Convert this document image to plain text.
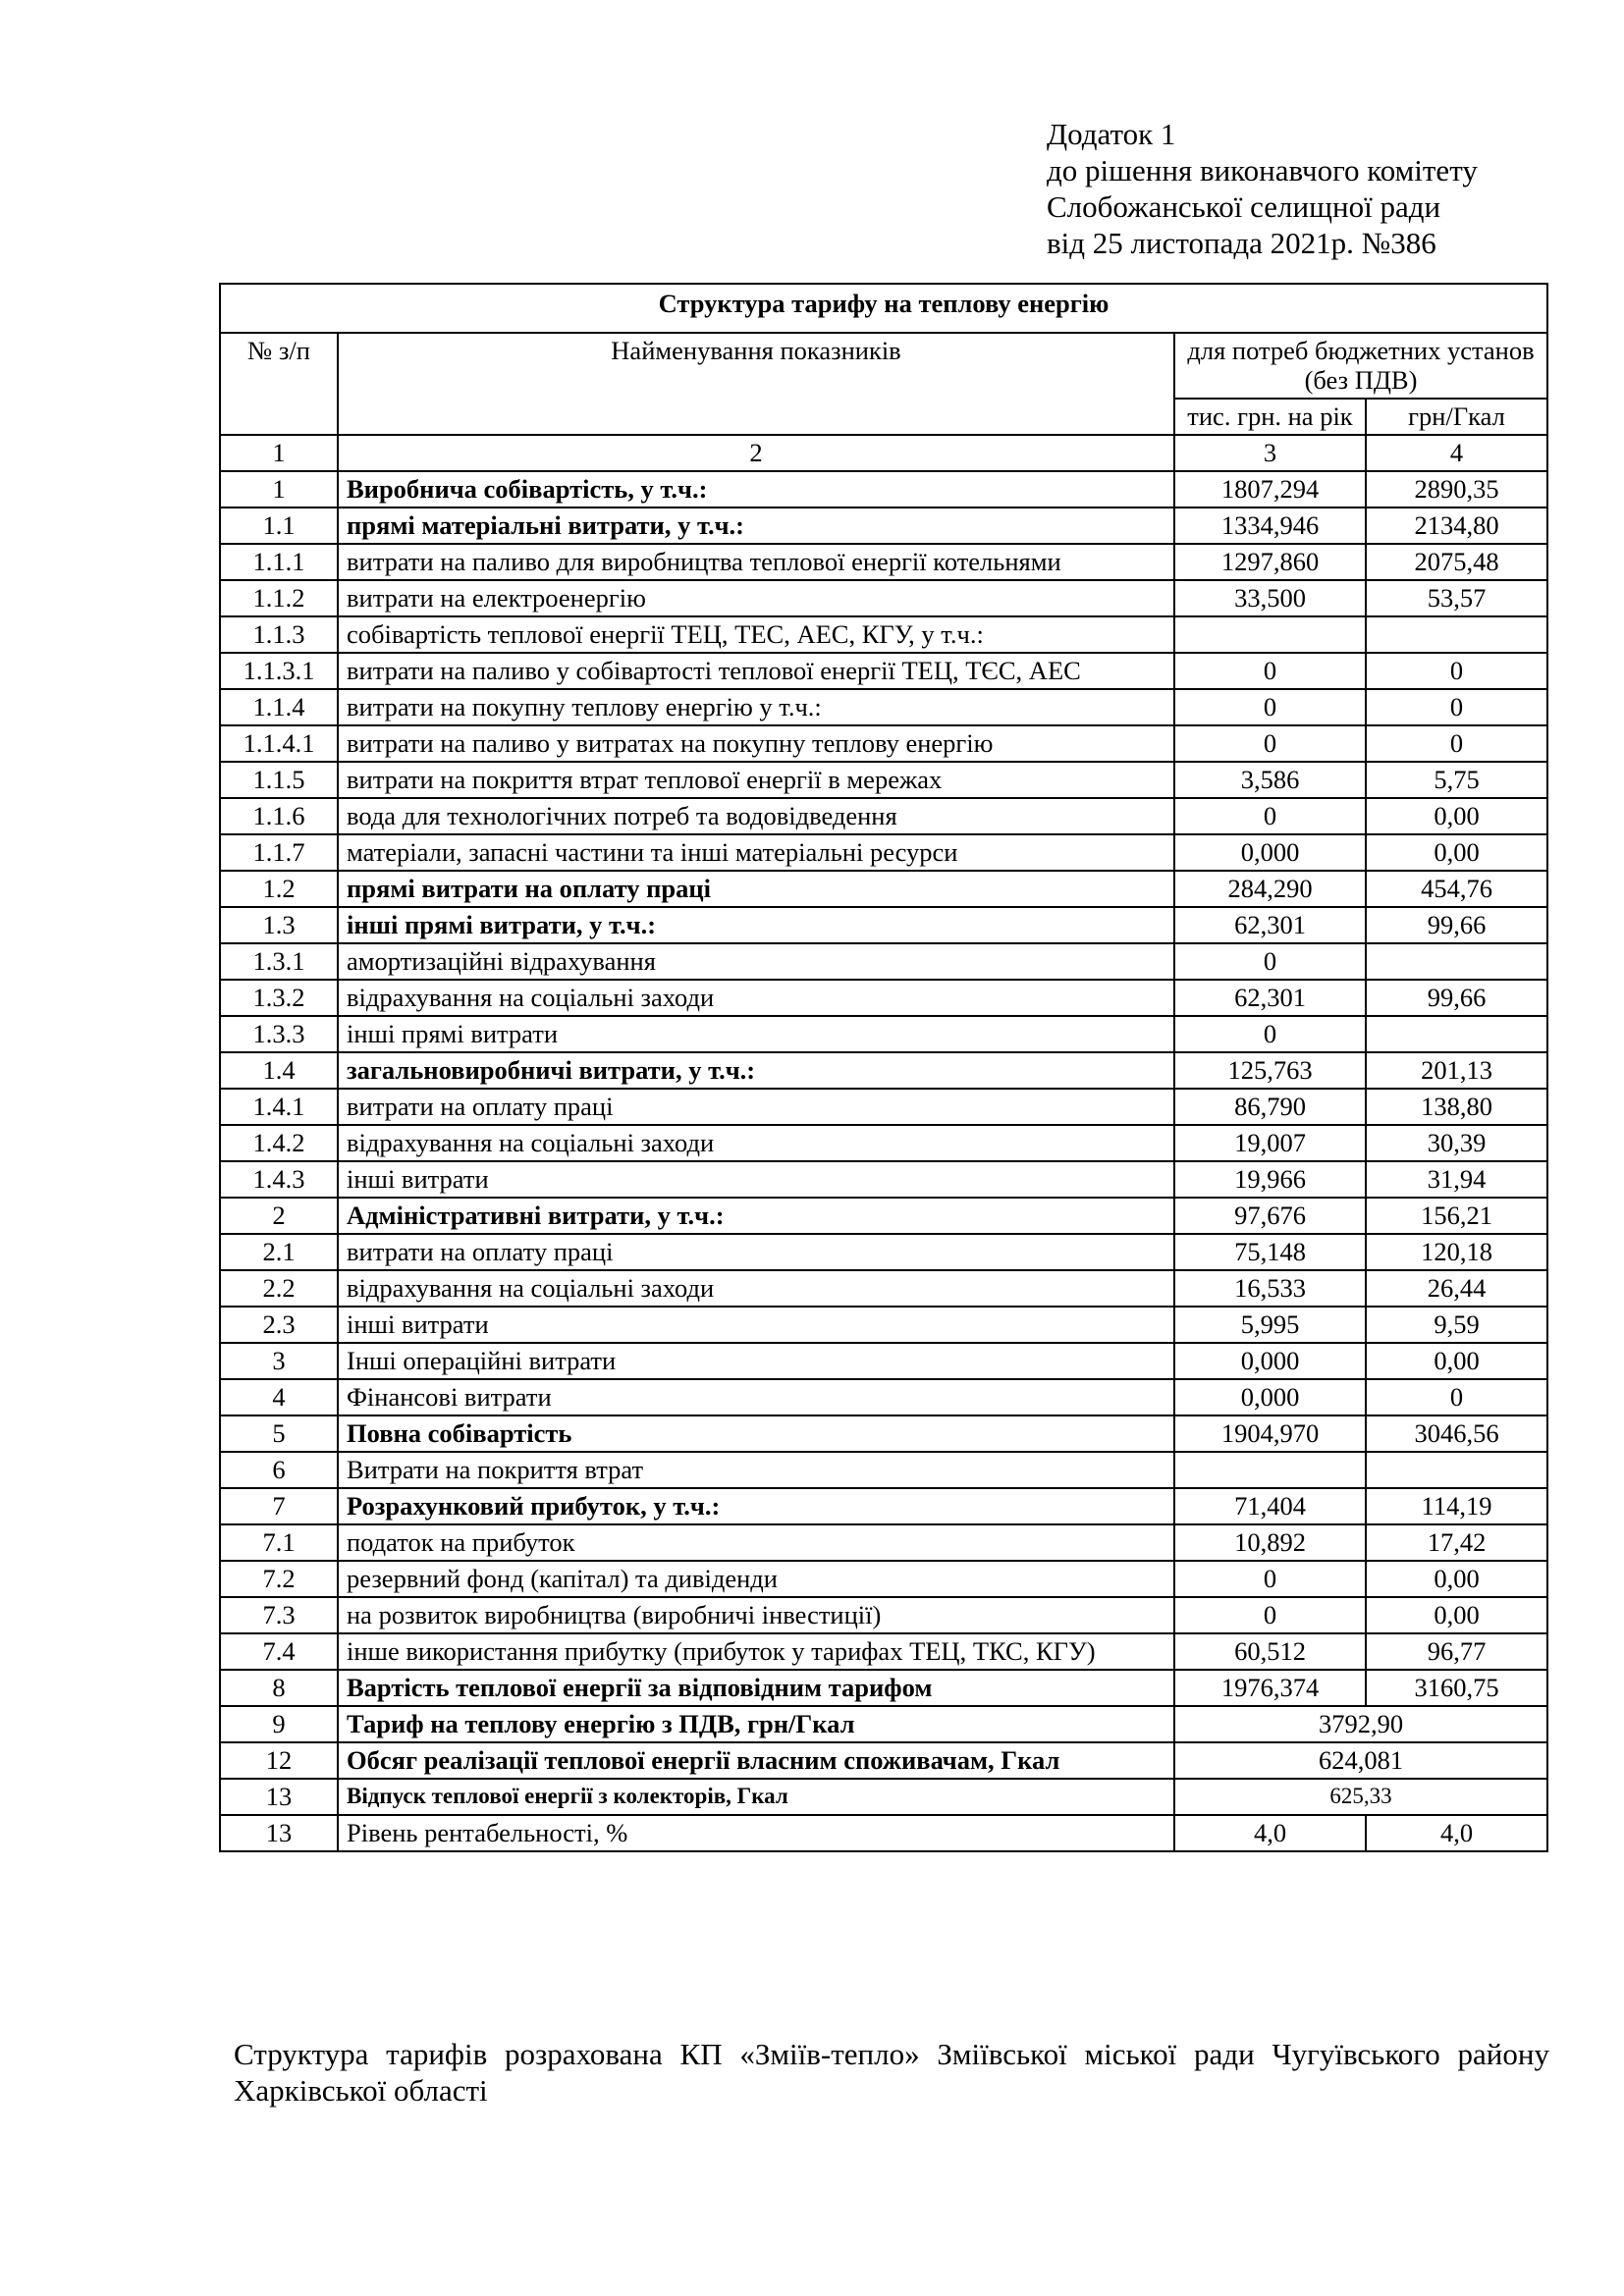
Додаток 1
до рішення виконавчого комітету
Слобожанської селищної ради
від 25 листопада 2021р. №386
Структура тарифу на теплову енергію			
№ з/п	Найменування показників	для потреб бюджетних установ (без ПДВ)	
		тис. грн. на рік	грн/Гкал
1	2	3	4
1	Виробнича собівартість, у т.ч.:	1807,294	2890,35
1.1	прямі матеріальні витрати, у т.ч.:	1334,946	2134,80
1.1.1	витрати на паливо для виробництва теплової енергії котельнями	1297,860	2075,48
1.1.2	витрати на електроенергію	33,500	53,57
1.1.3	собівартість теплової енергії ТЕЦ, ТЕС, АЕС, КГУ, у т.ч.:		
1.1.3.1	витрати на паливо у собівартості теплової енергії ТЕЦ, ТЄС, АЕС	0	0
1.1.4	витрати на покупну теплову енергію у т.ч.:	0	0
1.1.4.1	витрати на паливо у витратах на покупну теплову енергію	0	0
1.1.5	витрати на покриття втрат теплової енергії в мережах	3,586	5,75
1.1.6	вода для технологічних потреб та водовідведення	0	0,00
1.1.7	матеріали, запасні частини та інші матеріальні ресурси	0,000	0,00
1.2	прямі витрати на оплату праці	284,290	454,76
1.3	інші прямі витрати, у т.ч.:	62,301	99,66
1.3.1	амортизаційні відрахування	0	
1.3.2	відрахування на соціальні заходи	62,301	99,66
1.3.3	інші прямі витрати	0	
1.4	загальновиробничі витрати, у т.ч.:	125,763	201,13
1.4.1	витрати на оплату праці	86,790	138,80
1.4.2	відрахування на соціальні заходи	19,007	30,39
1.4.3	інші витрати	19,966	31,94
2	Адміністративні витрати, у т.ч.:	97,676	156,21
2.1	витрати на оплату праці	75,148	120,18
2.2	відрахування на соціальні заходи	16,533	26,44
2.3	інші витрати	5,995	9,59
3	Інші операційні витрати	0,000	0,00
4	Фінансові витрати	0,000	0
5	Повна собівартість	1904,970	3046,56
6	Витрати на покриття втрат		
7	Розрахунковий прибуток, у т.ч.:	71,404	114,19
7.1	податок на прибуток	10,892	17,42
7.2	резервний фонд (капітал) та дивіденди	0	0,00
7.3	на розвиток виробництва (виробничі інвестиції)	0	0,00
7.4	інше використання прибутку (прибуток у тарифах ТЕЦ, ТКС, КГУ)	60,512	96,77
8	Вартість теплової енергії за відповідним тарифом	1976,374	3160,75
9	Тариф на теплову енергію з ПДВ, грн/Гкал	3792,90	
12	Обсяг реалізації теплової енергії власним споживачам, Гкал	624,081	
13	Відпуск теплової енергії з колекторів, Гкал	625,33	
13	Рівень рентабельності, %	4,0	4,0
Структура тарифів розрахована КП «Зміїв-тепло» Зміївської міської ради Чугуївського району Харківської області
